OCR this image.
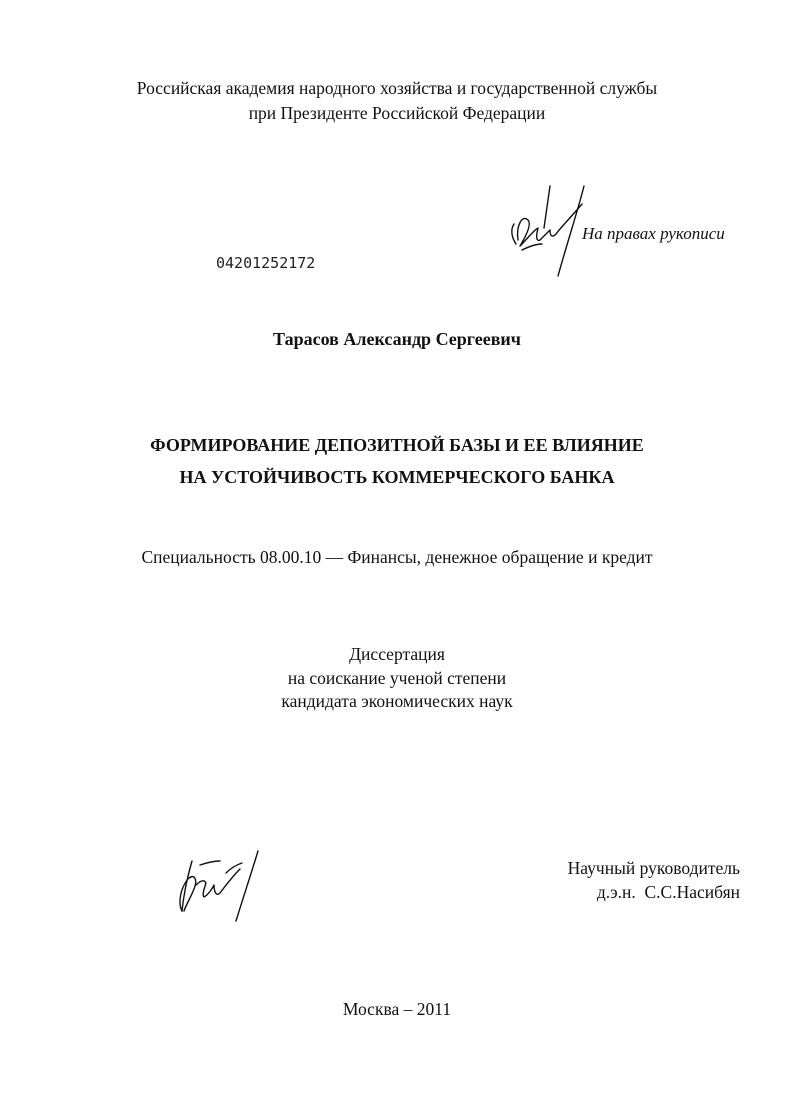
Российская академия народного хозяйства и государственной службы
при Президенте Российской Федерации
На правах рукописи
04201252172
Тарасов Александр Сергеевич
ФОРМИРОВАНИЕ ДЕПОЗИТНОЙ БАЗЫ И ЕЕ ВЛИЯНИЕ
НА УСТОЙЧИВОСТЬ КОММЕРЧЕСКОГО БАНКА
Специальность 08.00.10 — Финансы, денежное обращение и кредит
Диссертация
на соискание ученой степени
кандидата экономических наук
Научный руководитель
д.э.н.  С.С.Насибян
Москва – 2011
